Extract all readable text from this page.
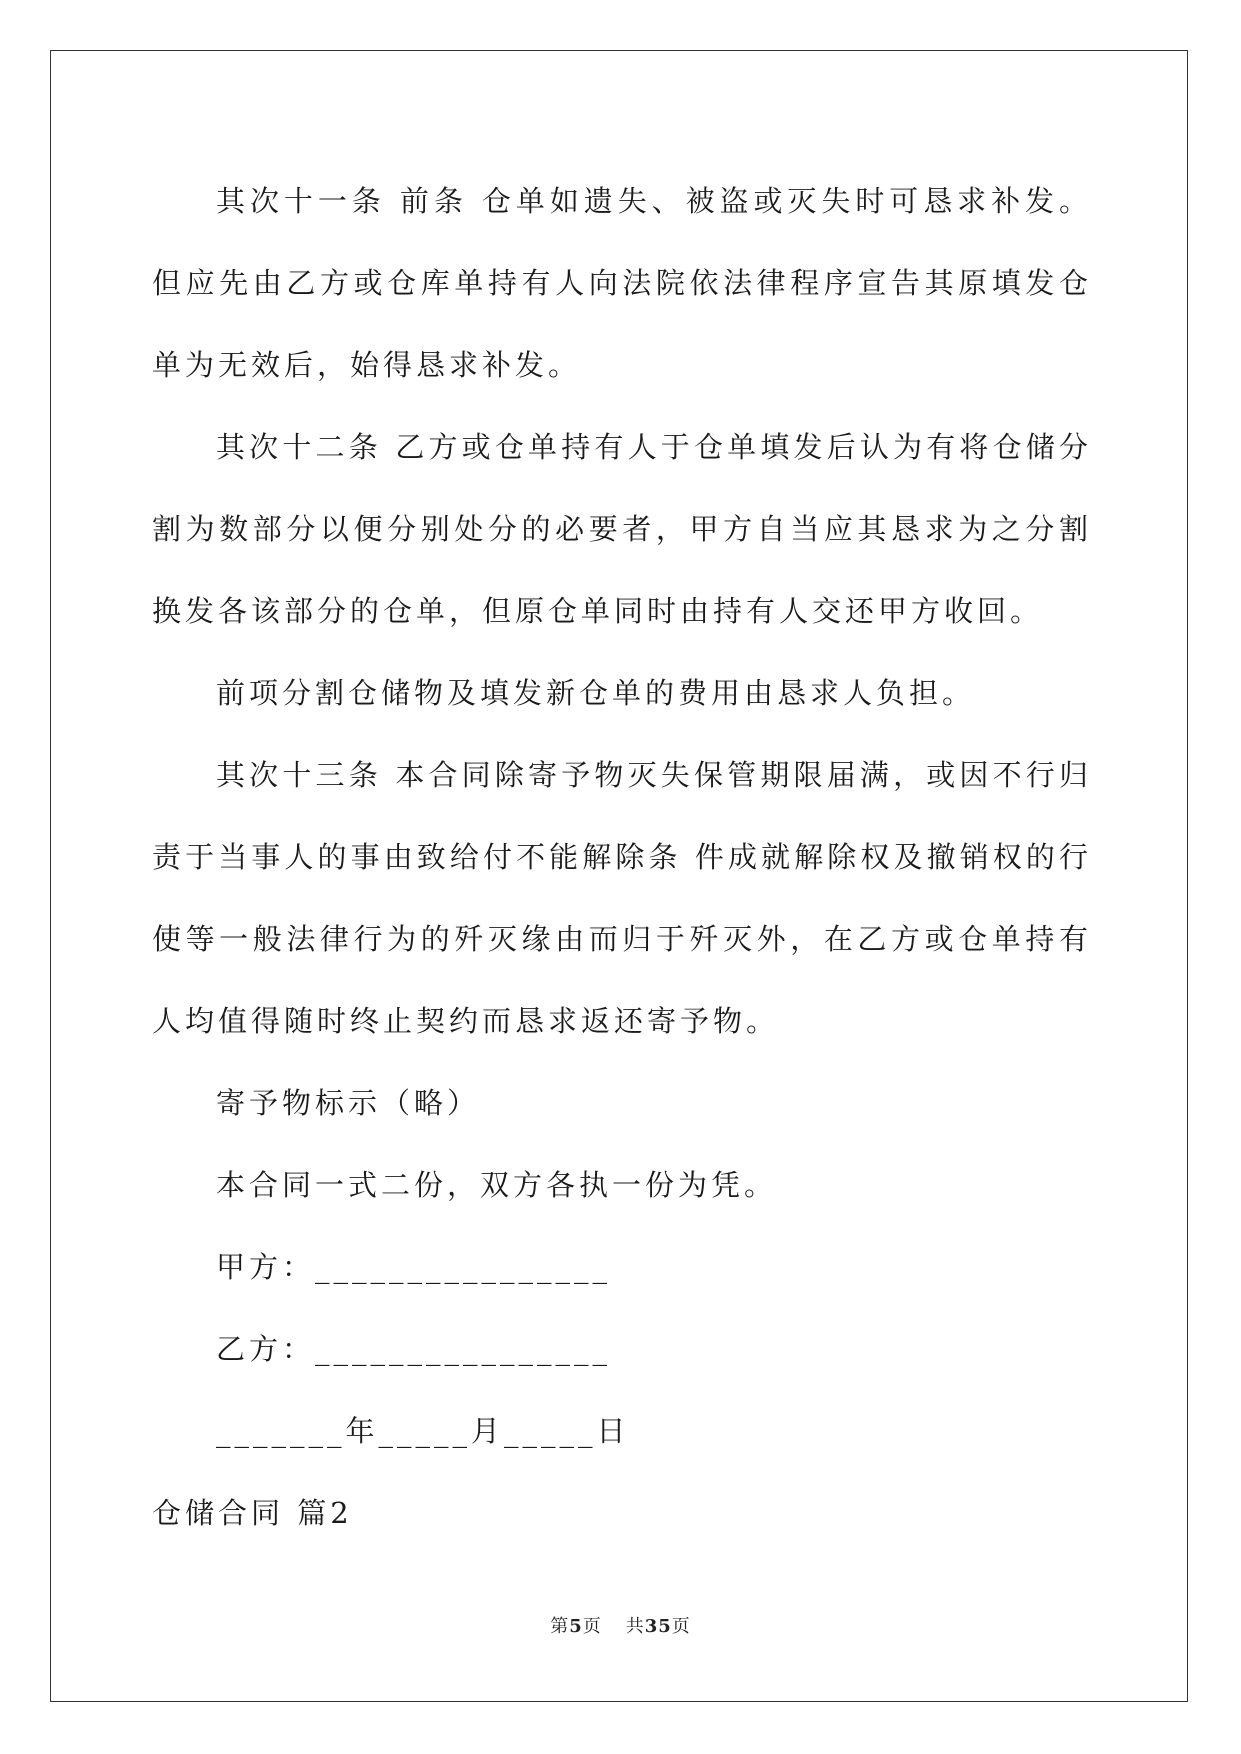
其次十一条 前条 仓单如遗失、被盗或灭失时可恳求补发。但应先由乙方或仓库单持有人向法院依法律程序宣告其原填发仓单为无效后，始得恳求补发。

其次十二条 乙方或仓单持有人于仓单填发后认为有将仓储分割为数部分以便分别处分的必要者，甲方自当应其恳求为之分割换发各该部分的仓单，但原仓单同时由持有人交还甲方收回。

前项分割仓储物及填发新仓单的费用由恳求人负担。

其次十三条 本合同除寄予物灭失保管期限届满，或因不行归责于当事人的事由致给付不能解除条 件成就解除权及撤销权的行使等一般法律行为的歼灭缘由而归于歼灭外，在乙方或仓单持有人均值得随时终止契约而恳求返还寄予物。

寄予物标示（略）

本合同一式二份，双方各执一份为凭。

甲方：________________

乙方：________________

_______年_____月_____日

仓储合同 篇2

第5页 共35页
